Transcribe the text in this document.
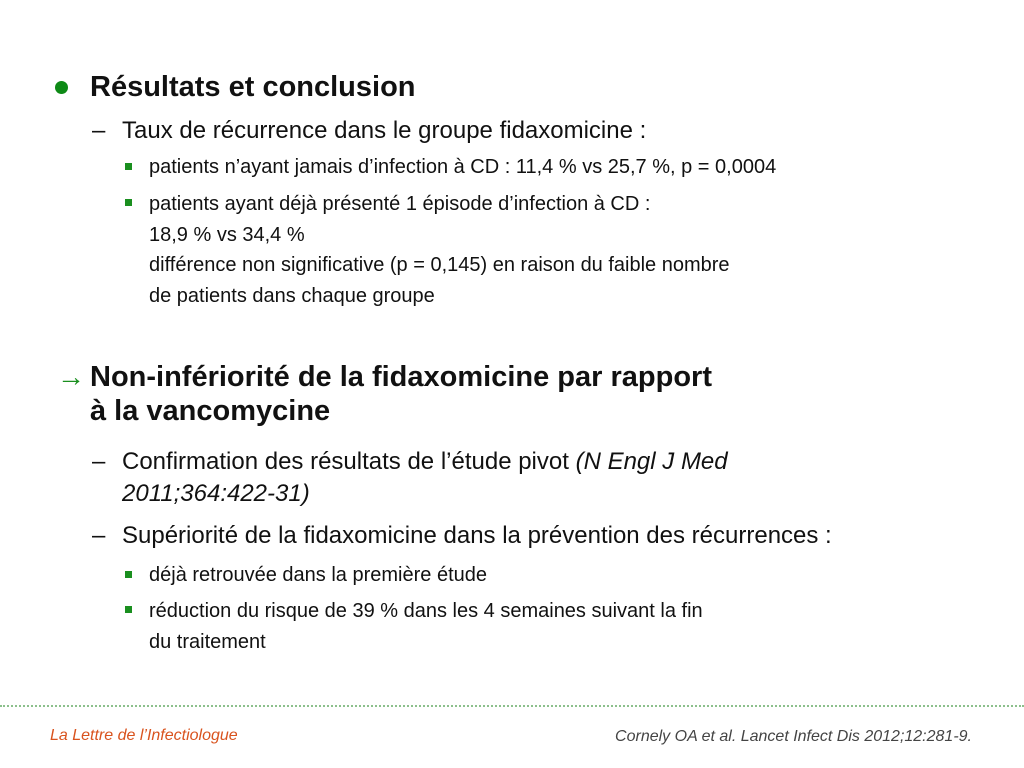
Résultats et conclusion
– Taux de récurrence dans le groupe fidaxomicine :
patients n’ayant jamais d’infection à CD : 11,4 % vs 25,7 %, p = 0,0004
patients ayant déjà présenté 1 épisode d’infection à CD :
18,9 % vs 34,4 %
différence non significative (p = 0,145) en raison du faible nombre
de patients dans chaque groupe
→ Non-infériorité de la fidaxomicine par rapport
à la vancomycine
– Confirmation des résultats de l’étude pivot (N Engl J Med
2011;364:422-31)
– Supériorité de la fidaxomicine dans la prévention des récurrences :
déjà retrouvée dans la première étude
réduction du risque de 39 % dans les 4 semaines suivant la fin
du traitement
La Lettre de l’Infectiologue	Cornely OA et al. Lancet Infect Dis 2012;12:281-9.
